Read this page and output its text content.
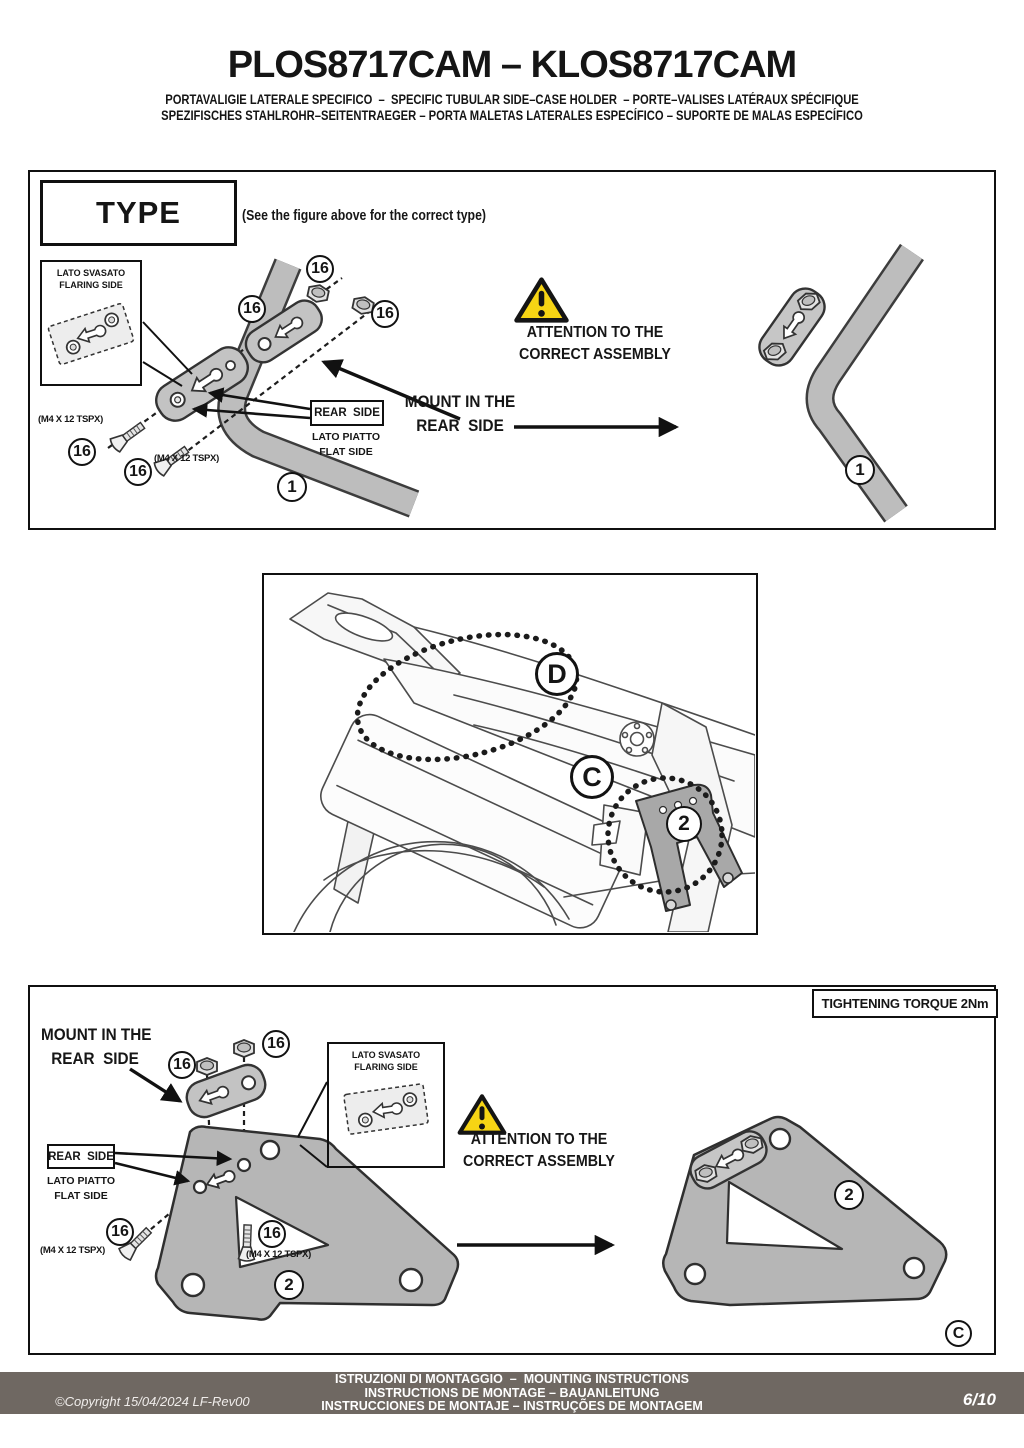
PLOS8717CAM – KLOS8717CAM
PORTAVALIGIE LATERALE SPECIFICO  –  SPECIFIC TUBULAR SIDE–CASE HOLDER  – PORTE–VALISES LATÉRAUX SPÉCIFIQUE
SPEZIFISCHES STAHLROHR–SEITENTRAEGER – PORTA MALETAS LATERALES ESPECÍFICO – SUPORTE DE MALAS ESPECÍFICO
TYPE	(See the figure above for the correct type)
LATO SVASATO
FLARING SIDE
(M4 X 12 TSPX)
(M4 X 12 TSPX)
REAR  SIDE
LATO PIATTO
FLAT SIDE
MOUNT IN THE
REAR  SIDE
ATTENTION TO THE
CORRECT ASSEMBLY
16
16	16
16
16
1
1
D
C
2
TIGHTENING TORQUE 2Nm
MOUNT IN THE
REAR  SIDE	LATO SVASATO
FLARING SIDE
REAR  SIDE
LATO PIATTO
FLAT SIDE
(M4 X 12 TSPX)	(M4 X 12 TSPX)
ATTENTION TO THE
CORRECT ASSEMBLY
16
16
16	16
2
2
C
ISTRUZIONI DI MONTAGGIO  –  MOUNTING INSTRUCTIONS
INSTRUCTIONS DE MONTAGE – BAUANLEITUNG
INSTRUCCIONES DE MONTAJE – INSTRUÇÕES DE MONTAGEM
©Copyright 15/04/2024 LF-Rev00	6/10
